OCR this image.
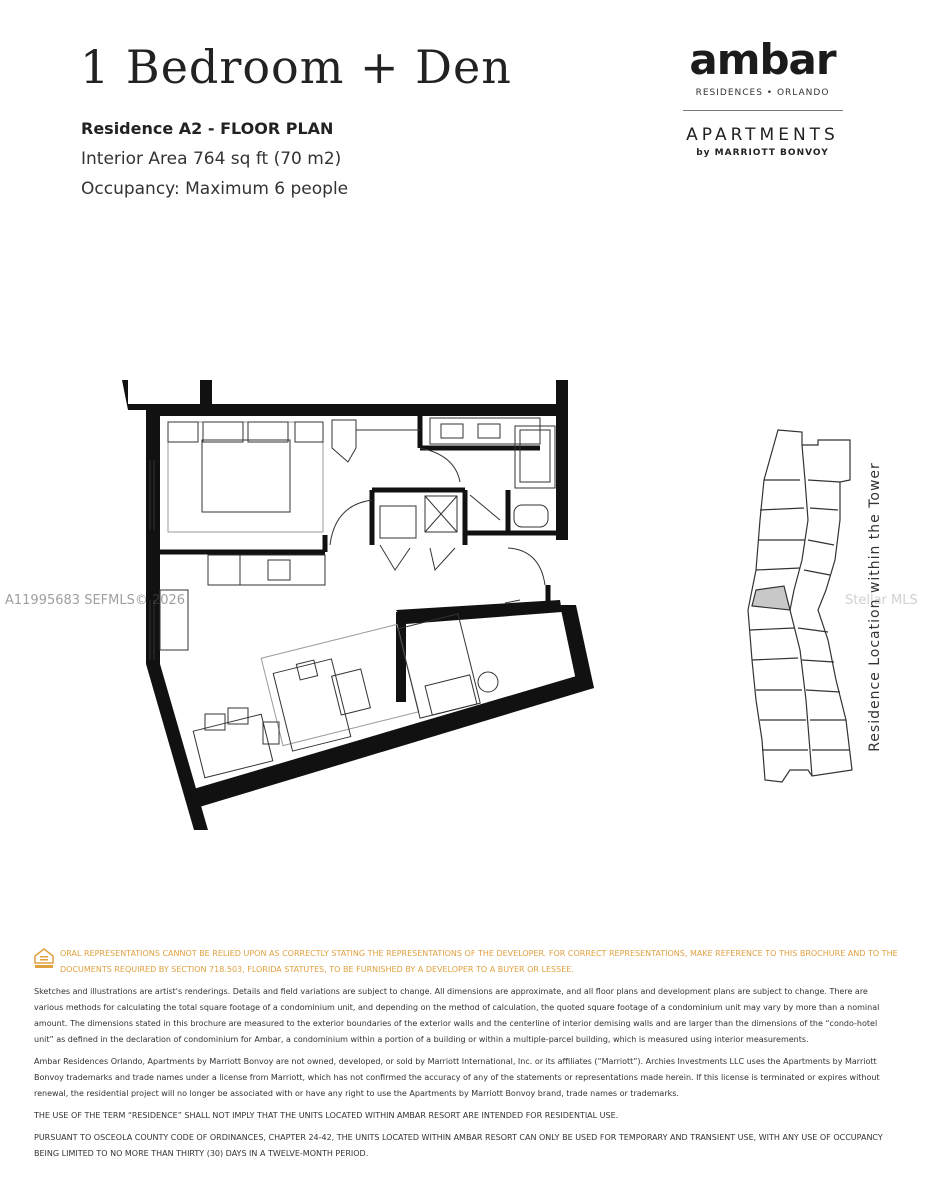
1 Bedroom + Den
Residence A2 - FLOOR PLAN
Interior Area 764 sq ft (70 m2)
Occupancy: Maximum 6 people
ambar
RESIDENCES • ORLANDO
APARTMENTS
by MARRIOTT BONVOY
Residence Location within the Tower
A11995683 SEFMLS© 2026	Stellar MLS
ORAL REPRESENTATIONS CANNOT BE RELIED UPON AS CORRECTLY STATING THE REPRESENTATIONS OF THE DEVELOPER. FOR CORRECT REPRESENTATIONS, MAKE REFERENCE TO THIS BROCHURE AND TO THE DOCUMENTS REQUIRED BY SECTION 718.503, FLORIDA STATUTES, TO BE FURNISHED BY A DEVELOPER TO A BUYER OR LESSEE.

Sketches and illustrations are artist's renderings. Details and field variations are subject to change. All dimensions are approximate, and all floor plans and development plans are subject to change. There are various methods for calculating the total square footage of a condominium unit, and depending on the method of calculation, the quoted square footage of a condominium unit may vary by more than a nominal amount. The dimensions stated in this brochure are measured to the exterior boundaries of the exterior walls and the centerline of interior demising walls and are larger than the dimensions of the “condo-hotel unit” as defined in the declaration of condominium for Ambar, a condominium within a portion of a building or within a multiple-parcel building, which is measured using interior measurements.

Ambar Residences Orlando, Apartments by Marriott Bonvoy are not owned, developed, or sold by Marriott International, Inc. or its affiliates (“Marriott”). Archies Investments LLC uses the Apartments by Marriott Bonvoy trademarks and trade names under a license from Marriott, which has not confirmed the accuracy of any of the statements or representations made herein. If this license is terminated or expires without renewal, the residential project will no longer be associated with or have any right to use the Apartments by Marriott Bonvoy brand, trade names or trademarks.

THE USE OF THE TERM “RESIDENCE” SHALL NOT IMPLY THAT THE UNITS LOCATED WITHIN AMBAR RESORT ARE INTENDED FOR RESIDENTIAL USE.

PURSUANT TO OSCEOLA COUNTY CODE OF ORDINANCES, CHAPTER 24-42, THE UNITS LOCATED WITHIN AMBAR RESORT CAN ONLY BE USED FOR TEMPORARY AND TRANSIENT USE, WITH ANY USE OF OCCUPANCY BEING LIMITED TO NO MORE THAN THIRTY (30) DAYS IN A TWELVE-MONTH PERIOD.
